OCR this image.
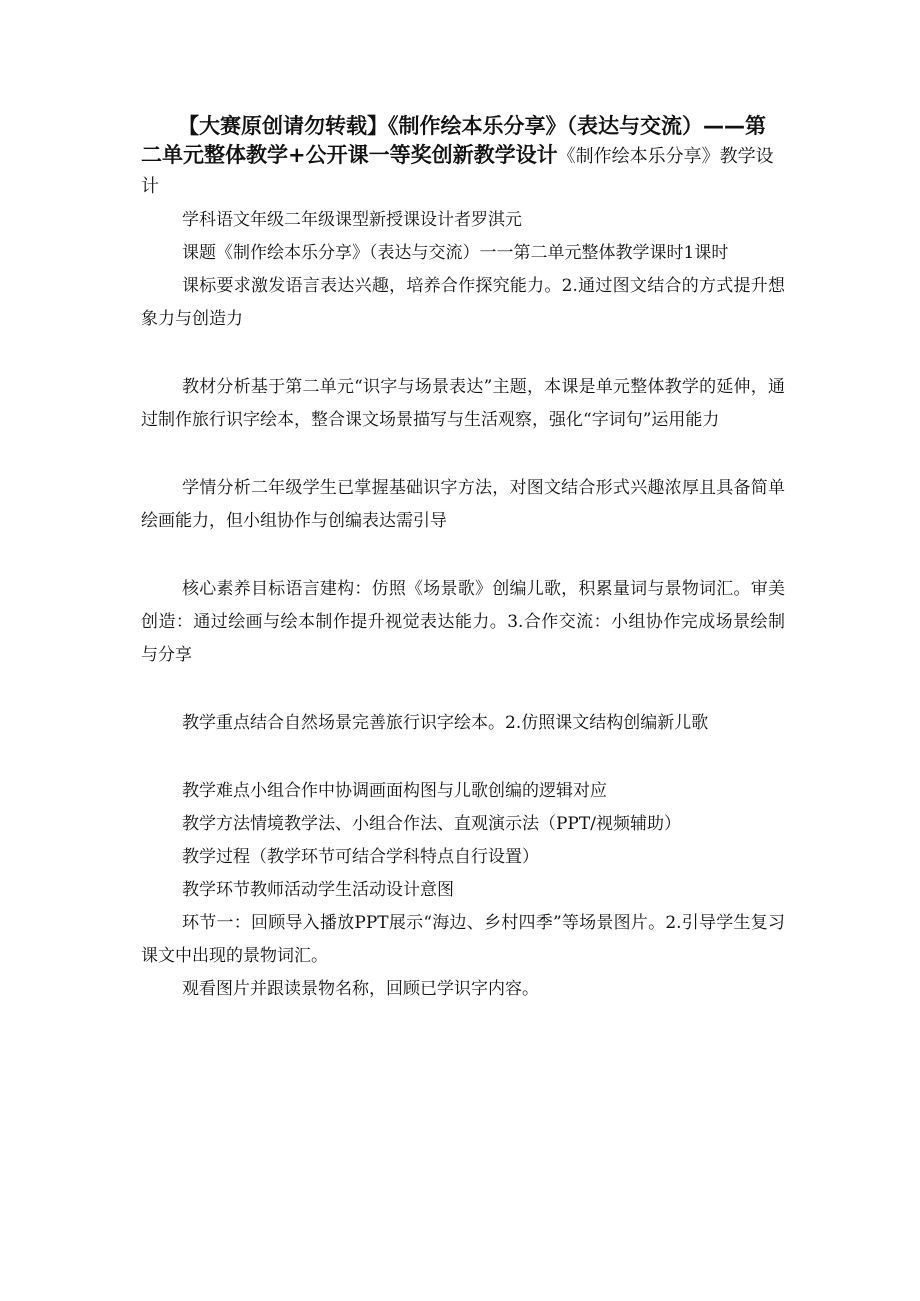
【大赛原创请勿转载】《制作绘本乐分享》（表达与交流）——第二单元整体教学+公开课一等奖创新教学设计《制作绘本乐分享》教学设计

学科语文年级二年级课型新授课设计者罗淇元

课题《制作绘本乐分享》（表达与交流）一一第二单元整体教学课时1课时

课标要求激发语言表达兴趣，培养合作探究能力。2.通过图文结合的方式提升想象力与创造力

教材分析基于第二单元“识字与场景表达”主题，本课是单元整体教学的延伸，通过制作旅行识字绘本，整合课文场景描写与生活观察，强化“字词句”运用能力

学情分析二年级学生已掌握基础识字方法，对图文结合形式兴趣浓厚且具备简单绘画能力，但小组协作与创编表达需引导

核心素养目标语言建构：仿照《场景歌》创编儿歌，积累量词与景物词汇。审美创造：通过绘画与绘本制作提升视觉表达能力。3.合作交流：小组协作完成场景绘制与分享

教学重点结合自然场景完善旅行识字绘本。2.仿照课文结构创编新儿歌

教学难点小组合作中协调画面构图与儿歌创编的逻辑对应

教学方法情境教学法、小组合作法、直观演示法（PPT/视频辅助）

教学过程（教学环节可结合学科特点自行设置）

教学环节教师活动学生活动设计意图

环节一：回顾导入播放PPT展示“海边、乡村四季”等场景图片。2.引导学生复习课文中出现的景物词汇。

观看图片并跟读景物名称，回顾已学识字内容。
